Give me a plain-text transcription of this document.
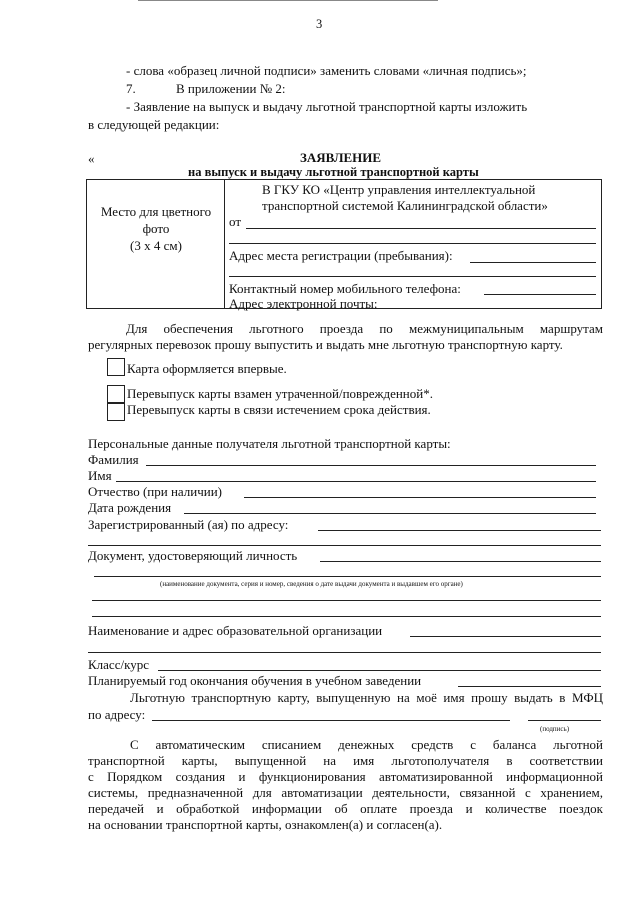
3
- слова «образец личной подписи» заменить словами «личная подпись»;
7.	В приложении № 2:
- Заявление на выпуск и выдачу льготной транспортной карты изложить
в следующей редакции:
«	ЗАЯВЛЕНИЕ
на выпуск и выдачу льготной транспортной карты
Место для цветного
фото
(3 х 4 см)
В ГКУ КО «Центр управления интеллектуальной
транспортной системой Калининградской области»
от
Адрес места регистрации (пребывания):
Контактный номер мобильного телефона:
Адрес электронной почты:
Для обеспечения льготного проезда по межмуниципальным маршрутам
регулярных перевозок прошу выпустить и выдать мне льготную транспортную карту.
Карта оформляется впервые.
Перевыпуск карты взамен утраченной/поврежденной*.
Перевыпуск карты в связи истечением срока действия.
Персональные данные получателя льготной транспортной карты:
Фамилия
Имя
Отчество (при наличии)
Дата рождения
Зарегистрированный (ая) по адресу:
Документ, удостоверяющий личность
(наименование документа, серия и номер, сведения о дате выдачи документа и выдавшем его органе)
Наименование и адрес образовательной организации
Класс/курс
Планируемый год окончания обучения в учебном заведении
Льготную транспортную карту, выпущенную на моё имя прошу выдать в МФЦ
по адресу:
(подпись)
С автоматическим списанием денежных средств с баланса льготной
транспортной карты, выпущенной на имя льготополучателя в соответствии
с Порядком создания и функционирования автоматизированной информационной
системы, предназначенной для автоматизации деятельности, связанной с хранением,
передачей и обработкой информации об оплате проезда и количестве поездок
на основании транспортной карты, ознакомлен(а) и согласен(а).
